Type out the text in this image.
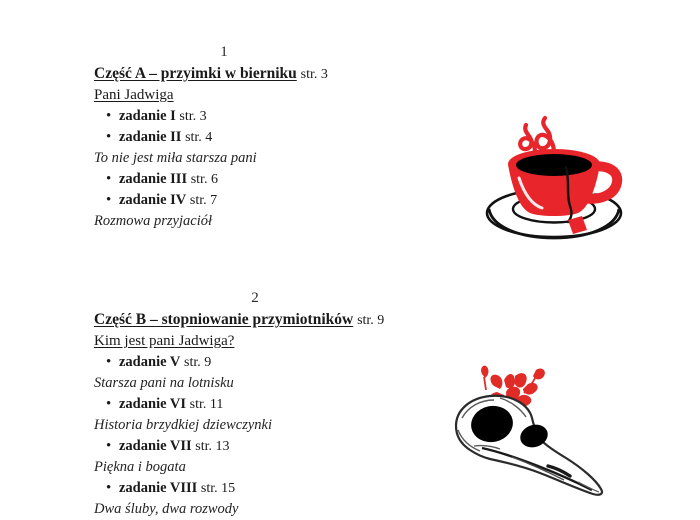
1
Część A – przyimki w bierniku str. 3
Pani Jadwiga
• zadanie I str. 3
• zadanie II str. 4
To nie jest miła starsza pani
• zadanie III str. 6
• zadanie IV str. 7
Rozmowa przyjaciół
2
Część B – stopniowanie przymiotników str. 9
Kim jest pani Jadwiga?
• zadanie V str. 9
Starsza pani na lotnisku
• zadanie VI str. 11
Historia brzydkiej dziewczynki
• zadanie VII str. 13
Piękna i bogata
• zadanie VIII str. 15
Dwa śluby, dwa rozwody
